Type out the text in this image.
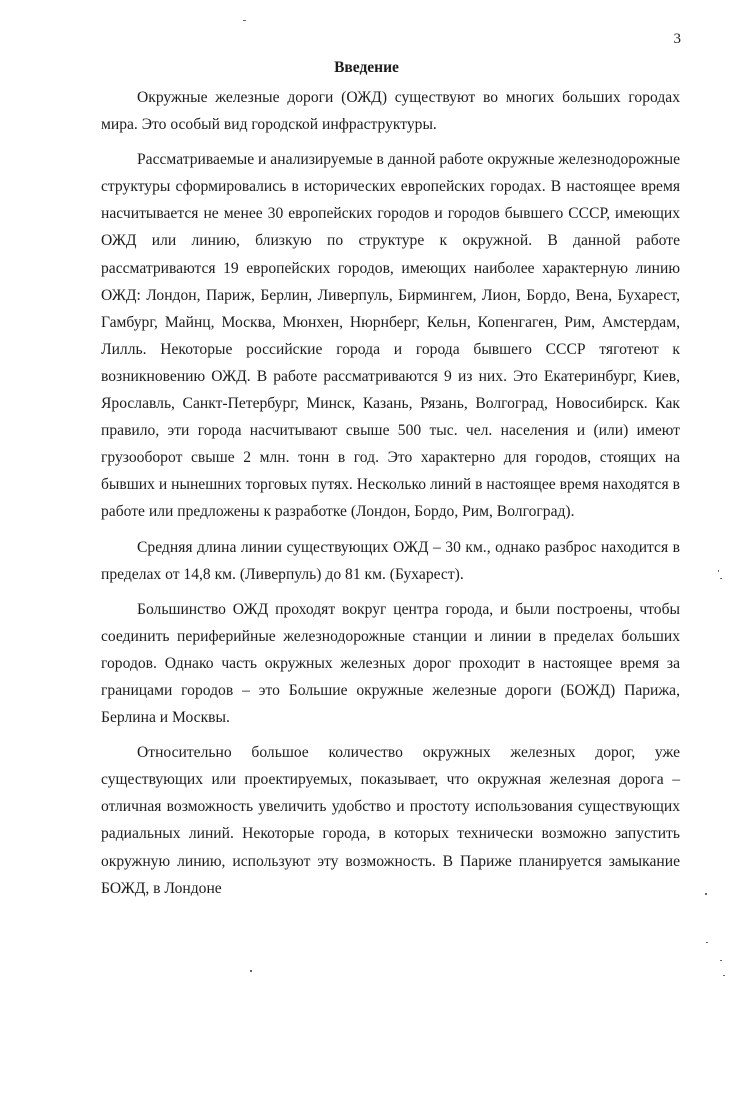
3
Введение

Окружные железные дороги (ОЖД) существуют во многих больших городах мира. Это особый вид городской инфраструктуры.

Рассматриваемые и анализируемые в данной работе окружные железнодорожные структуры сформировались в исторических европейских городах. В настоящее время насчитывается не менее 30 европейских городов и городов бывшего СССР, имеющих ОЖД или линию, близкую по структуре к окружной. В данной работе рассматриваются 19 европейских городов, имеющих наиболее характерную линию ОЖД: Лондон, Париж, Берлин, Ливерпуль, Бирмингем, Лион, Бордо, Вена, Бухарест, Гамбург, Майнц, Москва, Мюнхен, Нюрнберг, Кельн, Копенгаген, Рим, Амстердам, Лилль. Некоторые российские города и города бывшего СССР тяготеют к возникновению ОЖД. В работе рассматриваются 9 из них. Это Екатеринбург, Киев, Ярославль, Санкт-Петербург, Минск, Казань, Рязань, Волгоград, Новосибирск. Как правило, эти города насчитывают свыше 500 тыс. чел. населения и (или) имеют грузооборот свыше 2 млн. тонн в год. Это характерно для городов, стоящих на бывших и нынешних торговых путях. Несколько линий в настоящее время находятся в работе или предложены к разработке (Лондон, Бордо, Рим, Волгоград).

Средняя длина линии существующих ОЖД – 30 км., однако разброс находится в пределах от 14,8 км. (Ливерпуль) до 81 км. (Бухарест).

Большинство ОЖД проходят вокруг центра города, и были построены, чтобы соединить периферийные железнодорожные станции и линии в пределах больших городов. Однако часть окружных железных дорог проходит в настоящее время за границами городов – это Большие окружные железные дороги (БОЖД) Парижа, Берлина и Москвы.

Относительно большое количество окружных железных дорог, уже существующих или проектируемых, показывает, что окружная железная дорога – отличная возможность увеличить удобство и простоту использования существующих радиальных линий. Некоторые города, в которых технически возможно запустить окружную линию, используют эту возможность. В Париже планируется замыкание БОЖД, в Лондоне
